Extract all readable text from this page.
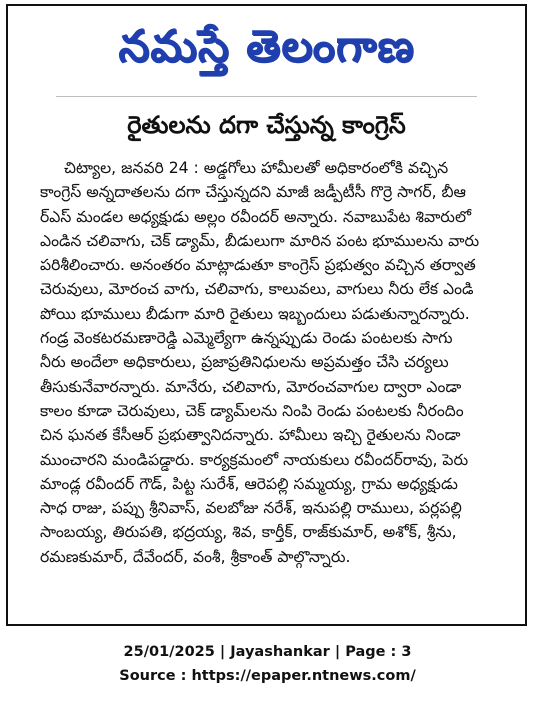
నమస్తే తెలంగాణ
రైతులను దగా చేస్తున్న కాంగ్రెస్
చిట్యాల, జనవరి 24 : అడ్డగోలు హామీలతో అధికారంలోకి వచ్చిన
కాంగ్రెస్ అన్నదాతలను దగా చేస్తున్నదని మాజీ జడ్పీటీసీ గొర్రె సాగర్, బీఆ
ర్ఎస్ మండల అధ్యక్షుడు అల్లం రవీందర్ అన్నారు. నవాబుపేట శివారులో
ఎండిన చలివాగు, చెక్ డ్యామ్, బీడులుగా మారిన పంట భూములను వారు
పరిశీలించారు. అనంతరం మాట్లాడుతూ కాంగ్రెస్ ప్రభుత్వం వచ్చిన తర్వాత
చెరువులు, మోరంచ వాగు, చలివాగు, కాలువలు, వాగులు నీరు లేక ఎండి
పోయి భూములు బీడుగా మారి రైతులు ఇబ్బందులు పడుతున్నారన్నారు.
గండ్ర వెంకటరమణారెడ్డి ఎమ్మెల్యేగా ఉన్నప్పుడు రెండు పంటలకు సాగు
నీరు అందేలా అధికారులు, ప్రజాప్రతినిధులను అప్రమత్తం చేసి చర్యలు
తీసుకునేవారన్నారు. మానేరు, చలివాగు, మోరంచవాగుల ద్వారా ఎండా
కాలం కూడా చెరువులు, చెక్ డ్యామ్‌లను నింపి రెండు పంటలకు నీరందిం
చిన ఘనత కేసీఆర్ ప్రభుత్వానిదన్నారు. హామీలు ఇచ్చి రైతులను నిండా
ముంచారని మండిపడ్డారు. కార్యక్రమంలో నాయకులు రవీందర్‌రావు, పెరు
మాండ్ల రవీందర్ గౌడ్, పిట్ట సురేశ్, ఆరెపల్లి సమ్మయ్య, గ్రామ అధ్యక్షుడు
సాధ రాజు, పప్పు శ్రీనివాస్, వలబోజు నరేశ్, ఇనుపల్లి రాములు, పర్లపల్లి
సాంబయ్య, తిరుపతి, భద్రయ్య, శివ, కార్తీక్, రాజ్‌కుమార్, అశోక్, శ్రీను,
రమణకుమార్, దేవేందర్, వంశీ, శ్రీకాంత్ పాల్గొన్నారు.
25/01/2025 | Jayashankar | Page : 3
Source : https://epaper.ntnews.com/
